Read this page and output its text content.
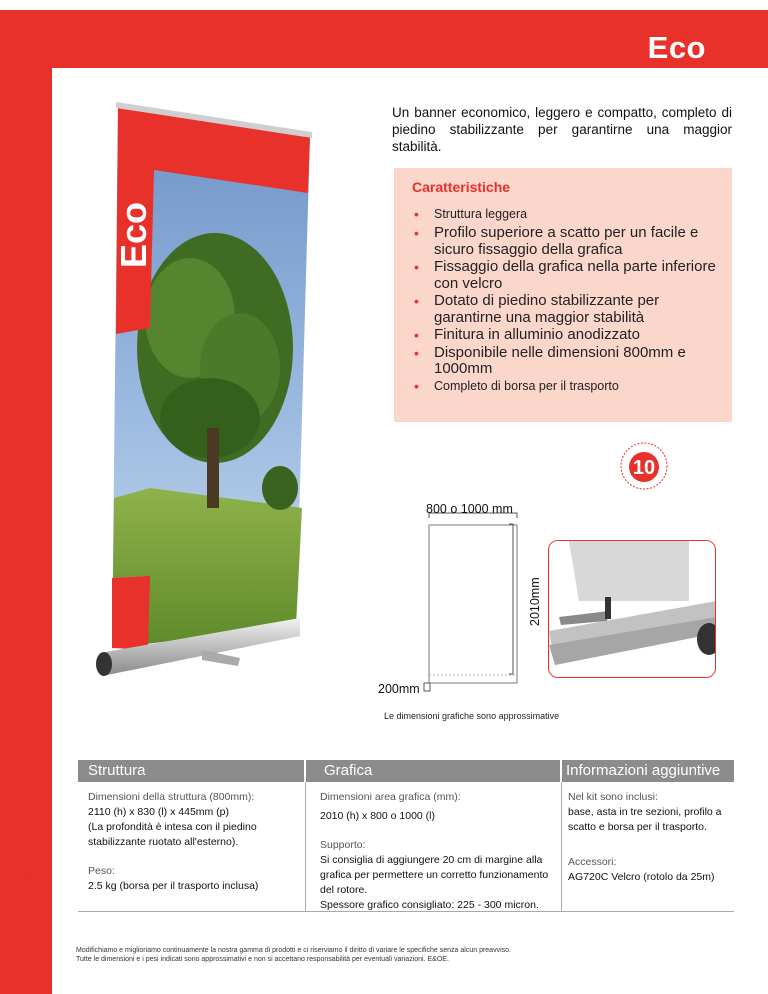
Eco
REV 3 12/07
Eco

Un banner economico, leggero e compatto, completo di piedino stabilizzante per garantirne una maggior stabilità.

Caratteristiche
• Struttura leggera
• Profilo superiore a scatto per un facile e sicuro fissaggio della grafica
• Fissaggio della grafica nella parte inferiore con velcro
• Dotato di piedino stabilizzante per garantirne una maggior stabilità
• Finitura in alluminio anodizzato
• Disponibile nelle dimensioni 800mm e 1000mm
• Completo di borsa per il trasporto
10
800 o 1000 mm
2010mm
200mm
Le dimensioni grafiche sono approssimative
Struttura	Grafica	Informazioni aggiuntive

Dimensioni della struttura (800mm):

2110 (h) x 830 (l) x 445mm (p)

(La profondità è intesa con il piedino stabilizzante ruotato all'esterno).

Peso:

2.5 kg (borsa per il trasporto inclusa)

Dimensioni area grafica (mm):

2010 (h) x 800 o 1000 (l)

Supporto:

Si consiglia di aggiungere 20 cm di margine alla grafica per permettere un corretto funzionamento del rotore.

Spessore grafico consigliato: 225 - 300 micron.

Nel kit sono inclusi:

base, asta in tre sezioni, profilo a scatto e borsa per il trasporto.

Accessori:

AG720C Velcro (rotolo da 25m)

Modifichiamo e miglioriamo continuamente la nostra gamma di prodotti e ci riserviamo il diritto di variare le specifiche senza alcun preavviso.

Tutte le dimensioni e i pesi indicati sono approssimativi e non si accettano responsabilità per eventuali variazioni. E&OE.
